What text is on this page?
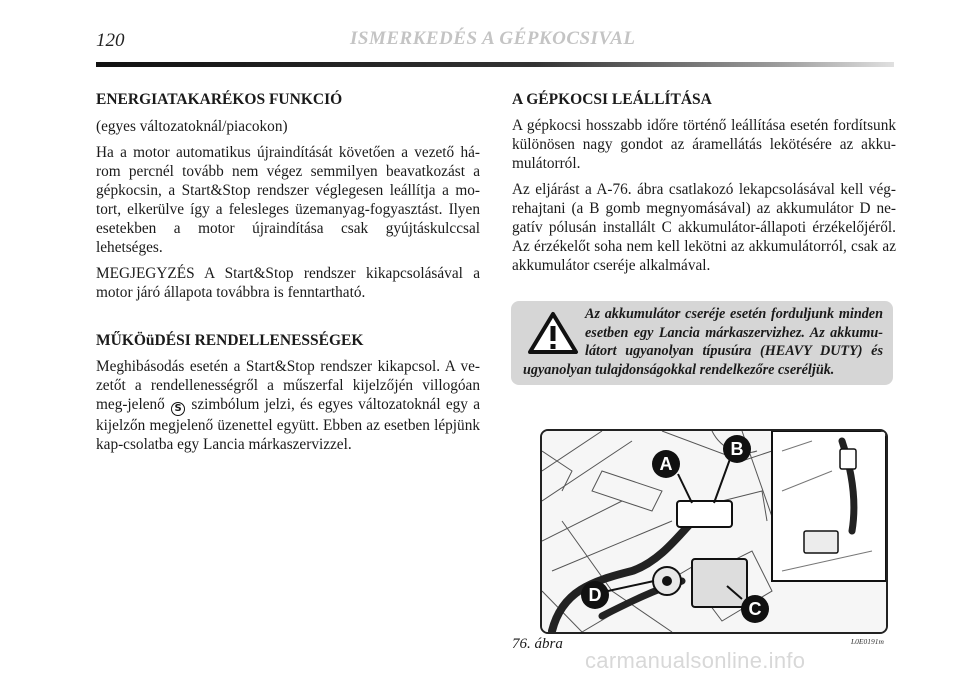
120	ISMERKEDÉS A GÉPKOCSIVAL

ENERGIATAKARÉKOS FUNKCIÓ

(egyes változatoknál/piacokon)

Ha a motor automatikus újraindítását követően a vezető há-rom percnél tovább nem végez semmilyen beavatkozást a gépkocsin, a Start&Stop rendszer véglegesen leállítja a mo-tort, elkerülve így a felesleges üzemanyag-fogyasztást. Ilyen esetekben a motor újraindítása csak gyújtáskulccsal lehetséges.

MEGJEGYZÉS A Start&Stop rendszer kikapcsolásával a motor járó állapota továbbra is fenntartható.

MŰKÖüDÉSI RENDELLENESSÉGEK

Meghibásodás esetén a Start&Stop rendszer kikapcsol. A ve-zetőt a rendellenességről a műszerfal kijelzőjén villogóan meg-jelenő S szimbólum jelzi, és egyes változatoknál egy a kijelzőn megjelenő üzenettel együtt. Ebben az esetben lépjünk kap-csolatba egy Lancia márkaszervizzel.

A GÉPKOCSI LEÁLLÍTÁSA

A gépkocsi hosszabb időre történő leállítása esetén fordítsunk különösen nagy gondot az áramellátás lekötésére az akku-mulátorról.

Az eljárást a A-76. ábra csatlakozó lekapcsolásával kell vég-rehajtani (a B gomb megnyomásával) az akkumulátor D ne-gatív pólusán installált C akkumulátor-állapoti érzékelőjéről. Az érzékelőt soha nem kell lekötni az akkumulátorról, csak az akkumulátor cseréje alkalmával.

Az akkumulátor cseréje esetén forduljunk minden esetben egy Lancia márkaszervizhez. Az akkumu-látort ugyanolyan típusúra (HEAVY DUTY) és ugyanolyan tulajdonságokkal rendelkezőre cseréljük.

A
B
C
D
76. ábra	L0E0191m
carmanualsonline.info
